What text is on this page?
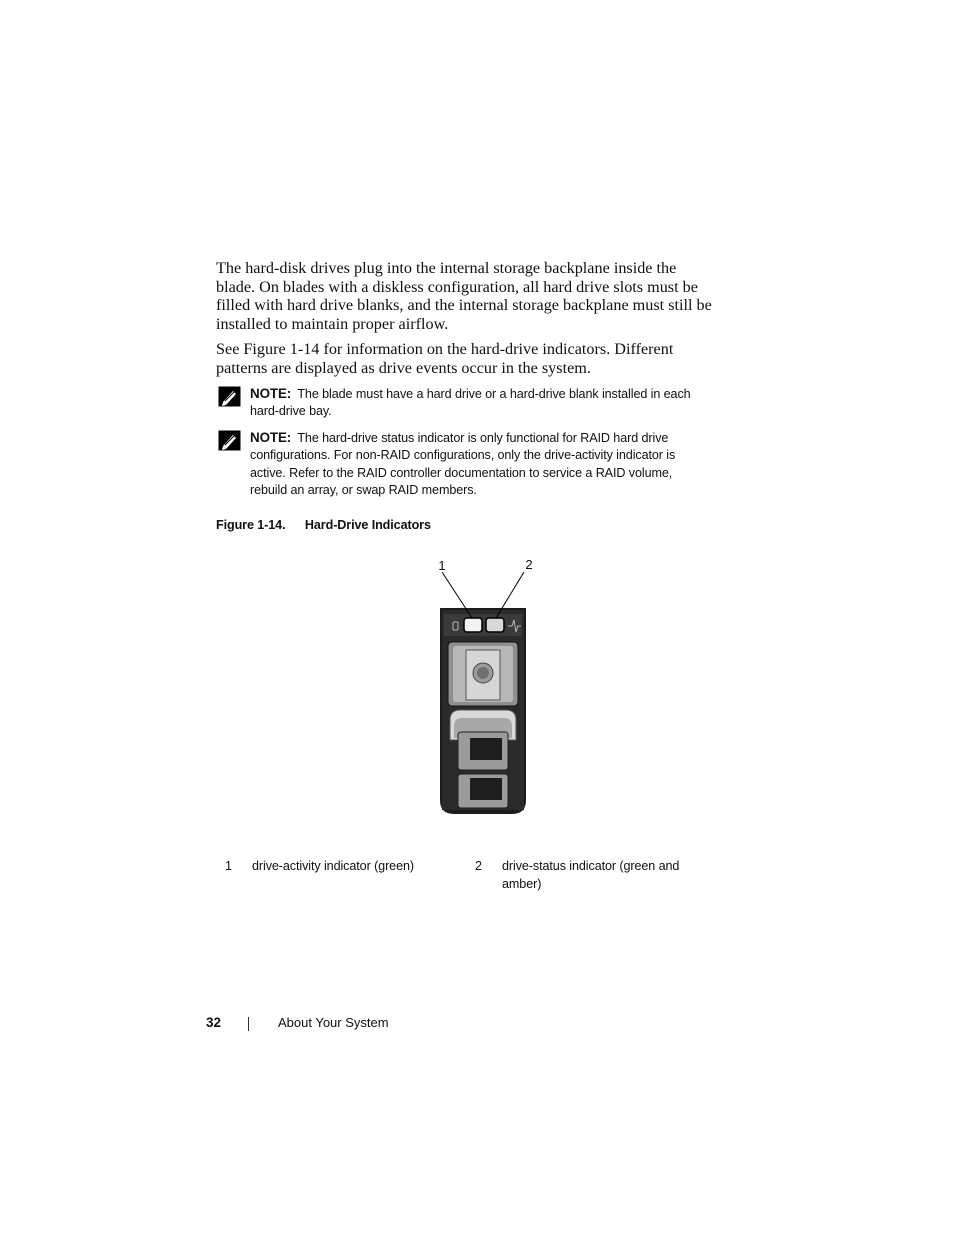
The hard-disk drives plug into the internal storage backplane inside the blade. On blades with a diskless configuration, all hard drive slots must be filled with hard drive blanks, and the internal storage backplane must still be installed to maintain proper airflow.
See Figure 1-14 for information on the hard-drive indicators. Different patterns are displayed as drive events occur in the system.
NOTE: The blade must have a hard drive or a hard-drive blank installed in each hard-drive bay.
NOTE: The hard-drive status indicator is only functional for RAID hard drive configurations. For non-RAID configurations, only the drive-activity indicator is active. Refer to the RAID controller documentation to service a RAID volume, rebuild an array, or swap RAID members.
Figure 1-14. Hard-Drive Indicators
1	2
1 drive-activity indicator (green)	2 drive-status indicator (green and amber)
32	About Your System
